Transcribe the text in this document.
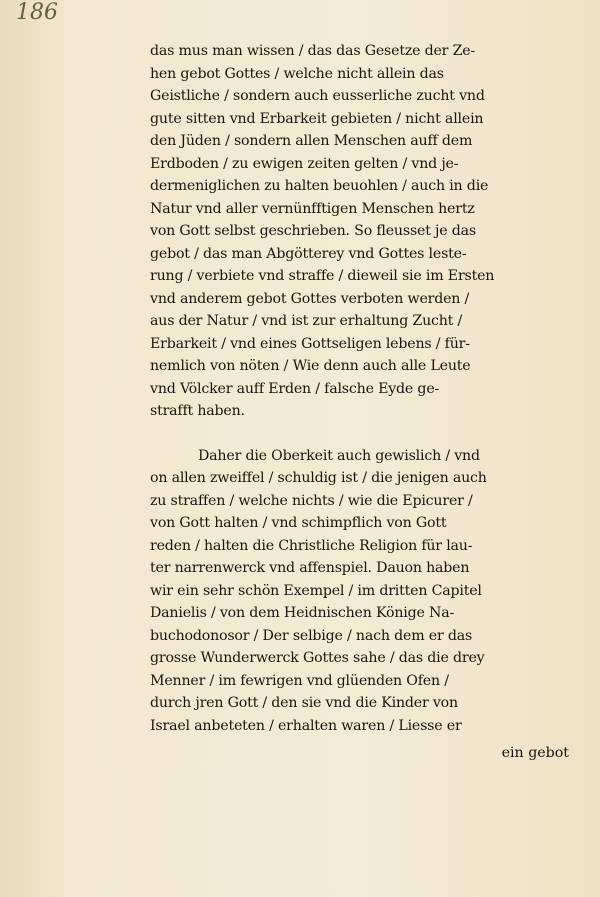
186
das mus man wissen / das das Gesetze der Ze-
hen gebot Gottes / welche nicht allein das
Geistliche / sondern auch eusserliche zucht vnd
gute sitten vnd Erbarkeit gebieten / nicht allein
den Jüden / sondern allen Menschen auff dem
Erdboden / zu ewigen zeiten gelten / vnd je-
dermeniglichen zu halten beuohlen / auch in die
Natur vnd aller vernünfftigen Menschen hertz
von Gott selbst geschrieben. So fleusset je das
gebot / das man Abgötterey vnd Gottes leste-
rung / verbiete vnd straffe / dieweil sie im Ersten
vnd anderem gebot Gottes verboten werden /
aus der Natur / vnd ist zur erhaltung Zucht /
Erbarkeit / vnd eines Gottseligen lebens / für-
nemlich von nöten / Wie denn auch alle Leute
vnd Völcker auff Erden / falsche Eyde ge-
strafft haben.
Daher die Oberkeit auch gewislich / vnd
on allen zweiffel / schuldig ist / die jenigen auch
zu straffen / welche nichts / wie die Epicurer /
von Gott halten / vnd schimpflich von Gott
reden / halten die Christliche Religion für lau-
ter narrenwerck vnd affenspiel. Dauon haben
wir ein sehr schön Exempel / im dritten Capitel
Danielis / von dem Heidnischen Könige Na-
buchodonosor / Der selbige / nach dem er das
grosse Wunderwerck Gottes sahe / das die drey
Menner / im fewrigen vnd glüenden Ofen /
durch jren Gott / den sie vnd die Kinder von
Israel anbeteten / erhalten waren / Liesse er
ein gebot
